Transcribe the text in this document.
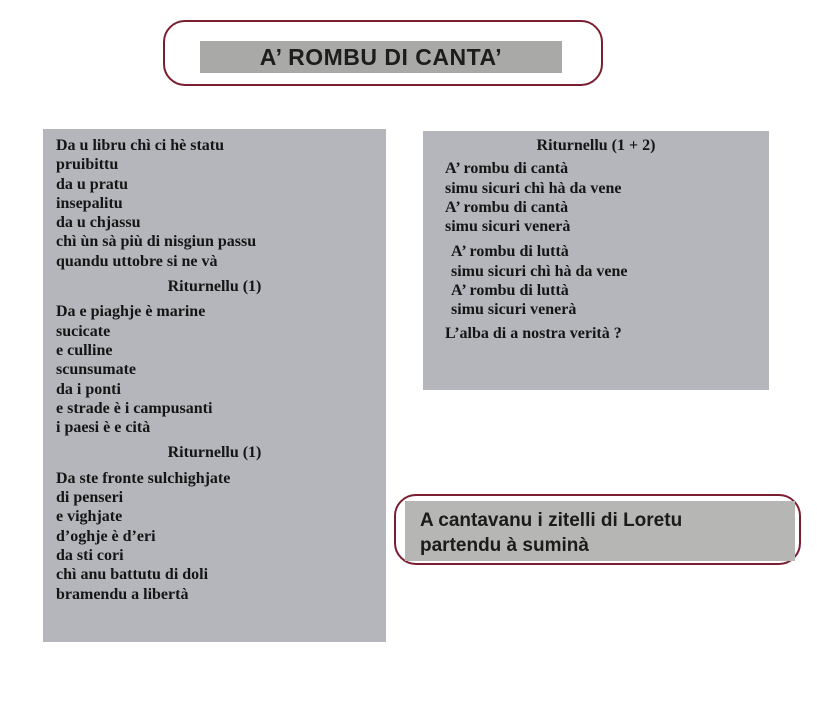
A’ ROMBU DI CANTA’
Da u libru chì ci hè statu
pruibittu
da u pratu
insepalitu
da u chjassu
chì ùn sà più di nisgiun passu
quandu uttobre si ne và
Riturnellu (1)
Da e piaghje è marine
sucicate
e culline
scunsumate
da i ponti
e strade è i campusanti
i paesi è e cità
Riturnellu (1)
Da ste fronte sulchighjate
di penseri
e vighjate
d’oghje è d’eri
da sti cori
chì anu battutu di doli
bramendu a libertà
Riturnellu (1 + 2)
A’ rombu di cantà
simu sicuri chì hà da vene
A’ rombu di cantà
simu sicuri venerà
A’ rombu di luttà
simu sicuri chì hà da vene
A’ rombu di luttà
simu sicuri venerà
L’alba di a nostra verità ?
A cantavanu i zitelli di Loretu
partendu à suminà
